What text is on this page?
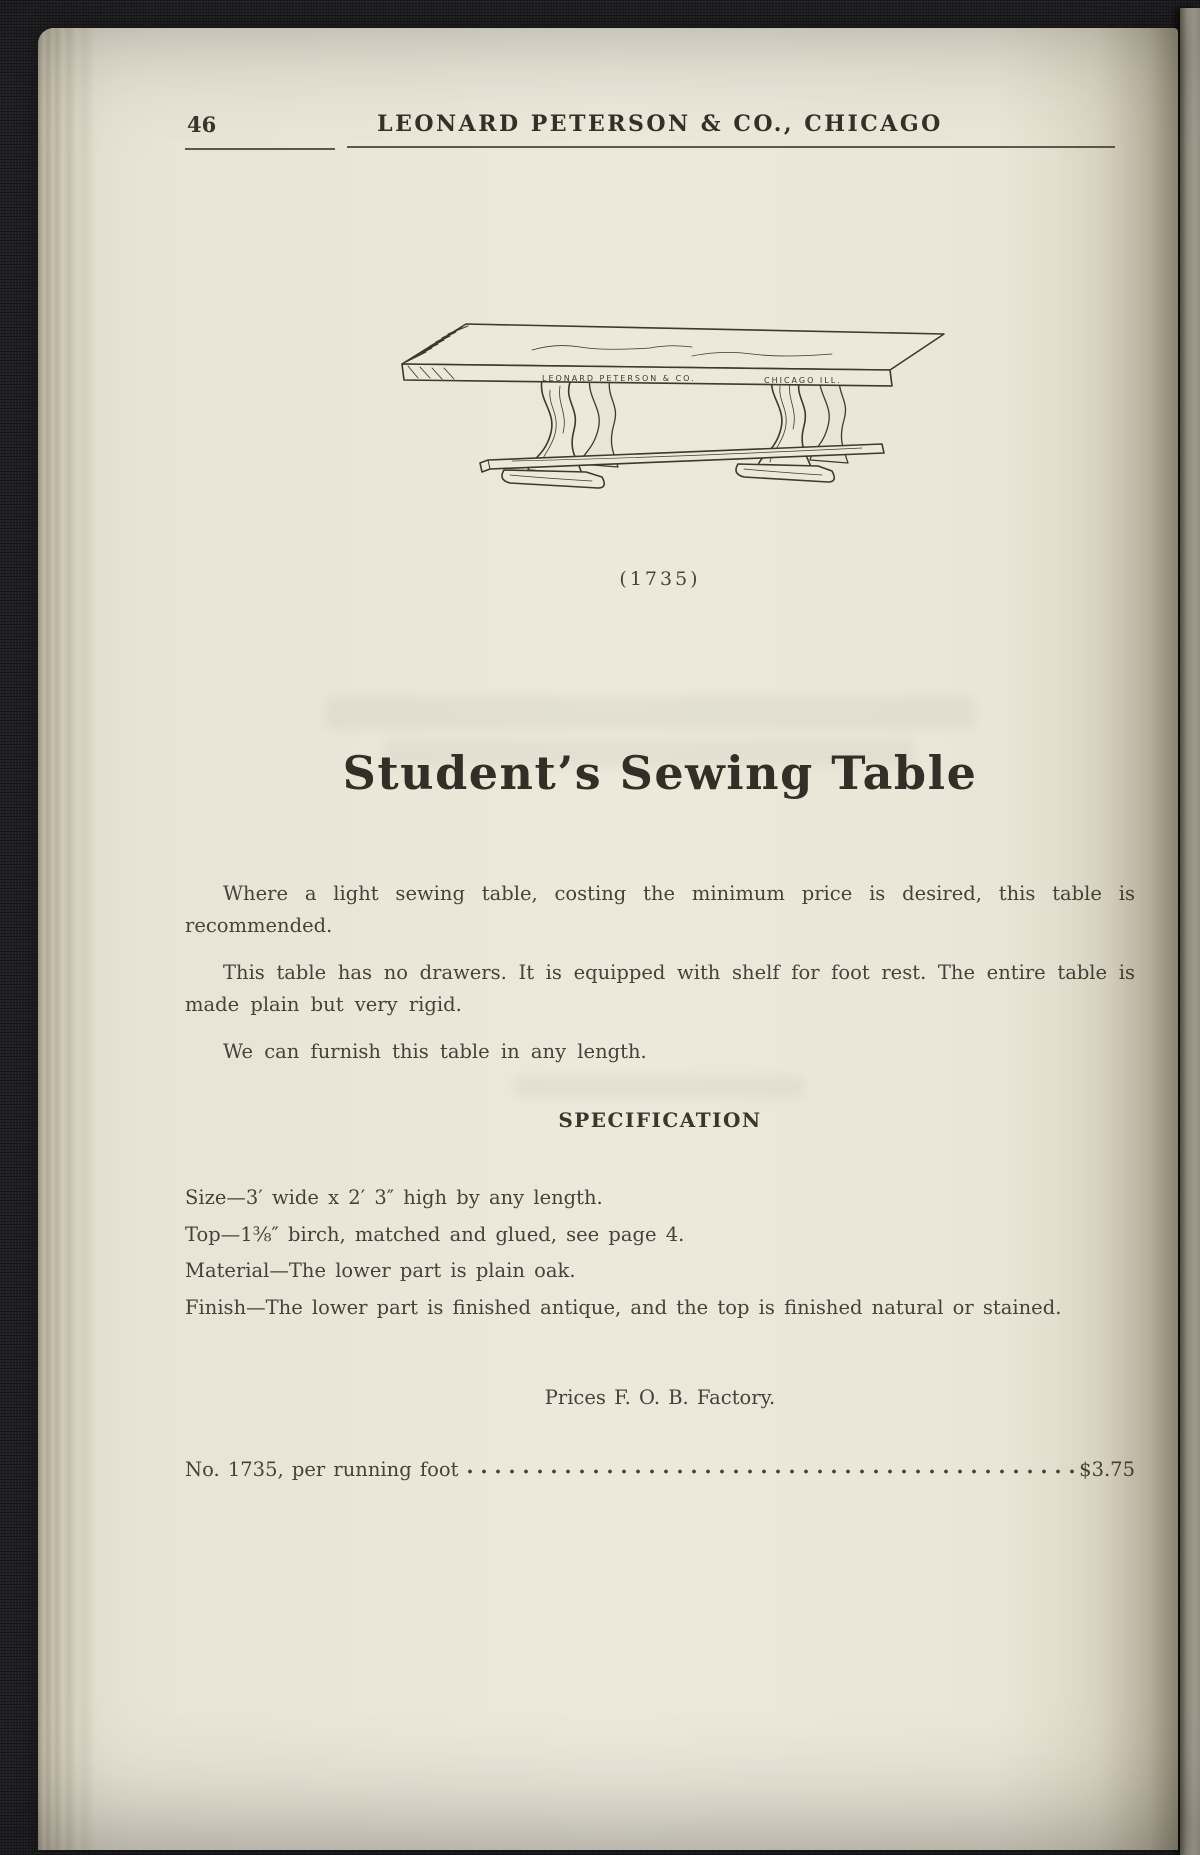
46	LEONARD PETERSON & CO., CHICAGO
LEONARD PETERSON & CO.	CHICAGO ILL.
(1735)
Student’s Sewing Table

Where a light sewing table, costing the minimum price is desired, this table is recommended.

This table has no drawers. It is equipped with shelf for foot rest. The entire table is made plain but very rigid.

We can furnish this table in any length.

SPECIFICATION
Size—3′ wide x 2′ 3″ high by any length.
Top—1⅜″ birch, matched and glued, see page 4.
Material—The lower part is plain oak.
Finish—The lower part is finished antique, and the top is finished natural or stained.
Prices F. O. B. Factory.
No. 1735, per running foot	$3.75
